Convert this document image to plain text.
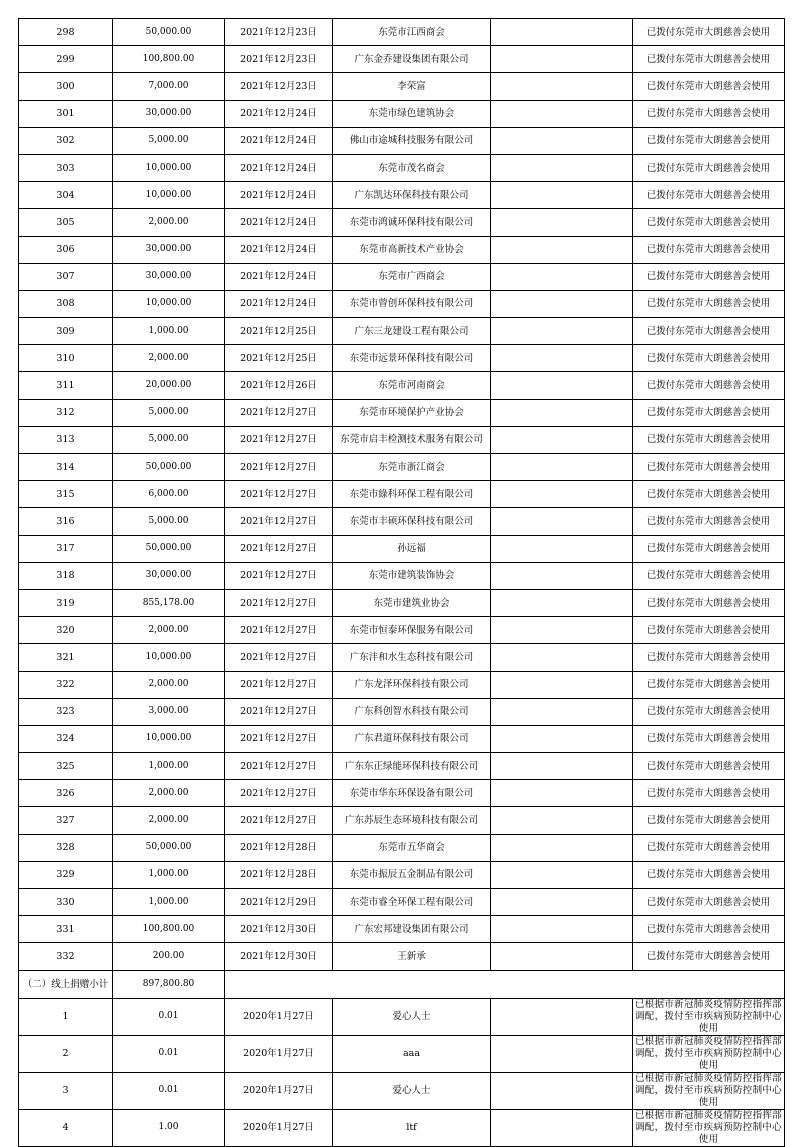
298	50,000.00	2021年12月23日	东莞市江西商会		已拨付东莞市大朗慈善会使用
299	100,800.00	2021年12月23日	广东金乔建设集团有限公司		已拨付东莞市大朗慈善会使用
300	7,000.00	2021年12月23日	李荣富		已拨付东莞市大朗慈善会使用
301	30,000.00	2021年12月24日	东莞市绿色建筑协会		已拨付东莞市大朗慈善会使用
302	5,000.00	2021年12月24日	佛山市途城科技服务有限公司		已拨付东莞市大朗慈善会使用
303	10,000.00	2021年12月24日	东莞市茂名商会		已拨付东莞市大朗慈善会使用
304	10,000.00	2021年12月24日	广东凯达环保科技有限公司		已拨付东莞市大朗慈善会使用
305	2,000.00	2021年12月24日	东莞市鸿诚环保科技有限公司		已拨付东莞市大朗慈善会使用
306	30,000.00	2021年12月24日	东莞市高新技术产业协会		已拨付东莞市大朗慈善会使用
307	30,000.00	2021年12月24日	东莞市广西商会		已拨付东莞市大朗慈善会使用
308	10,000.00	2021年12月24日	东莞市曾创环保科技有限公司		已拨付东莞市大朗慈善会使用
309	1,000.00	2021年12月25日	广东三龙建设工程有限公司		已拨付东莞市大朗慈善会使用
310	2,000.00	2021年12月25日	东莞市远景环保科技有限公司		已拨付东莞市大朗慈善会使用
311	20,000.00	2021年12月26日	东莞市河南商会		已拨付东莞市大朗慈善会使用
312	5,000.00	2021年12月27日	东莞市环境保护产业协会		已拨付东莞市大朗慈善会使用
313	5,000.00	2021年12月27日	东莞市启丰检测技术服务有限公司		已拨付东莞市大朗慈善会使用
314	50,000.00	2021年12月27日	东莞市浙江商会		已拨付东莞市大朗慈善会使用
315	6,000.00	2021年12月27日	东莞市綠科环保工程有限公司		已拨付东莞市大朗慈善会使用
316	5,000.00	2021年12月27日	东莞市丰硕环保科技有限公司		已拨付东莞市大朗慈善会使用
317	50,000.00	2021年12月27日	孙远福		已拨付东莞市大朗慈善会使用
318	30,000.00	2021年12月27日	东莞市建筑装饰协会		已拨付东莞市大朗慈善会使用
319	855,178.00	2021年12月27日	东莞市建筑业协会		已拨付东莞市大朗慈善会使用
320	2,000.00	2021年12月27日	东莞市恒泰环保服务有限公司		已拨付东莞市大朗慈善会使用
321	10,000.00	2021年12月27日	广东沣和水生态科技有限公司		已拨付东莞市大朗慈善会使用
322	2,000.00	2021年12月27日	广东龙泽环保科技有限公司		已拨付东莞市大朗慈善会使用
323	3,000.00	2021年12月27日	广东科创智水科技有限公司		已拨付东莞市大朗慈善会使用
324	10,000.00	2021年12月27日	广东君道环保科技有限公司		已拨付东莞市大朗慈善会使用
325	1,000.00	2021年12月27日	广东东正绿能环保科技有限公司		已拨付东莞市大朗慈善会使用
326	2,000.00	2021年12月27日	东莞市华东环保设备有限公司		已拨付东莞市大朗慈善会使用
327	2,000.00	2021年12月27日	广东苏辰生态环境科技有限公司		已拨付东莞市大朗慈善会使用
328	50,000.00	2021年12月28日	东莞市五华商会		已拨付东莞市大朗慈善会使用
329	1,000.00	2021年12月28日	东莞市振辰五金制品有限公司		已拨付东莞市大朗慈善会使用
330	1,000.00	2021年12月29日	东莞市睿全环保工程有限公司		已拨付东莞市大朗慈善会使用
331	100,800.00	2021年12月30日	广东宏邦建设集团有限公司		已拨付东莞市大朗慈善会使用
332	200.00	2021年12月30日	王新承		已拨付东莞市大朗慈善会使用
（二）线上捐赠小计	897,800.80				
1	0.01	2020年1月27日	爱心人士		已根据市新冠肺炎疫情防控指挥部调配，拨付至市疾病预防控制中心使用
2	0.01	2020年1月27日	aaa		已根据市新冠肺炎疫情防控指挥部调配，拨付至市疾病预防控制中心使用
3	0.01	2020年1月27日	爱心人士		已根据市新冠肺炎疫情防控指挥部调配，拨付至市疾病预防控制中心使用
4	1.00	2020年1月27日	ltf		已根据市新冠肺炎疫情防控指挥部调配，拨付至市疾病预防控制中心使用
